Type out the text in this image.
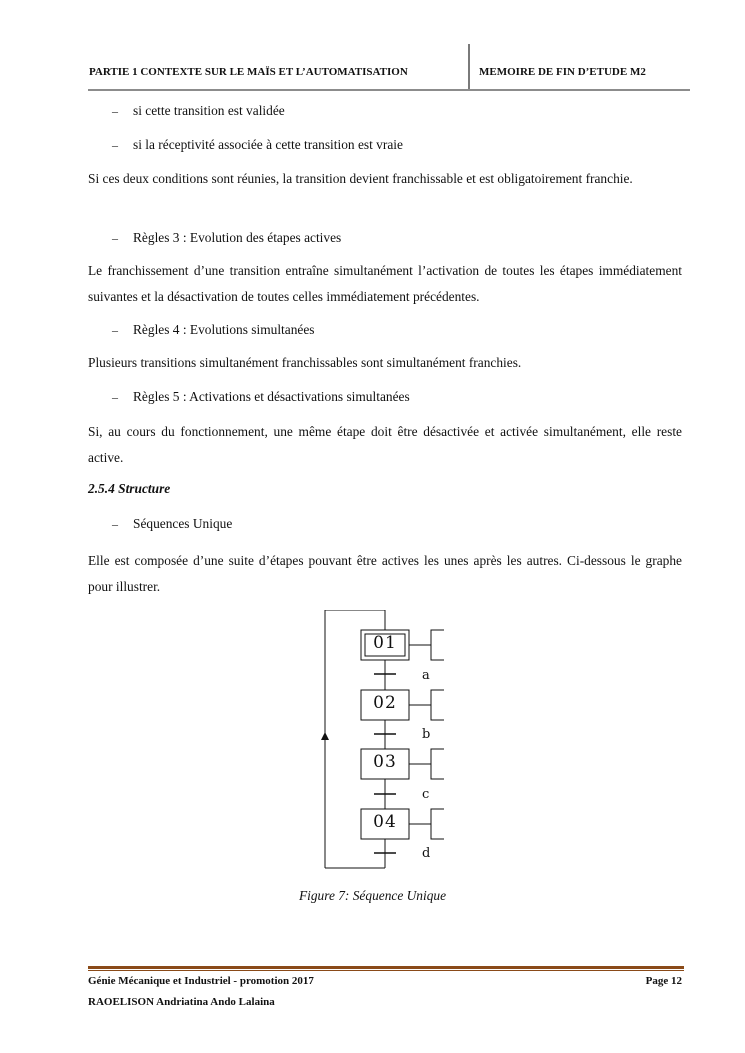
PARTIE 1 CONTEXTE SUR LE MAÏS ET L’AUTOMATISATION	MEMOIRE DE FIN D’ETUDE M2
– si cette transition est validée
– si la réceptivité associée à cette transition est vraie
Si ces deux conditions sont réunies, la transition devient franchissable et est obligatoirement franchie.
– Règles 3 : Evolution des étapes actives
Le franchissement d’une transition entraîne simultanément l’activation de toutes les étapes immédiatement suivantes et la désactivation de toutes celles immédiatement précédentes.
– Règles 4 : Evolutions simultanées
Plusieurs transitions simultanément franchissables sont simultanément franchies.
– Règles 5 : Activations et désactivations simultanées
Si, au cours du fonctionnement, une même étape doit être désactivée et activée simultanément, elle reste active.
2.5.4 Structure
– Séquences Unique
Elle est composée d’une suite d’étapes pouvant être actives les unes après les autres. Ci-dessous le graphe pour illustrer.
01
02
03
04
a
b
c
d
Figure 7: Séquence Unique
Génie Mécanique et Industriel - promotion 2017	Page 12
RAOELISON Andriatina Ando Lalaina
